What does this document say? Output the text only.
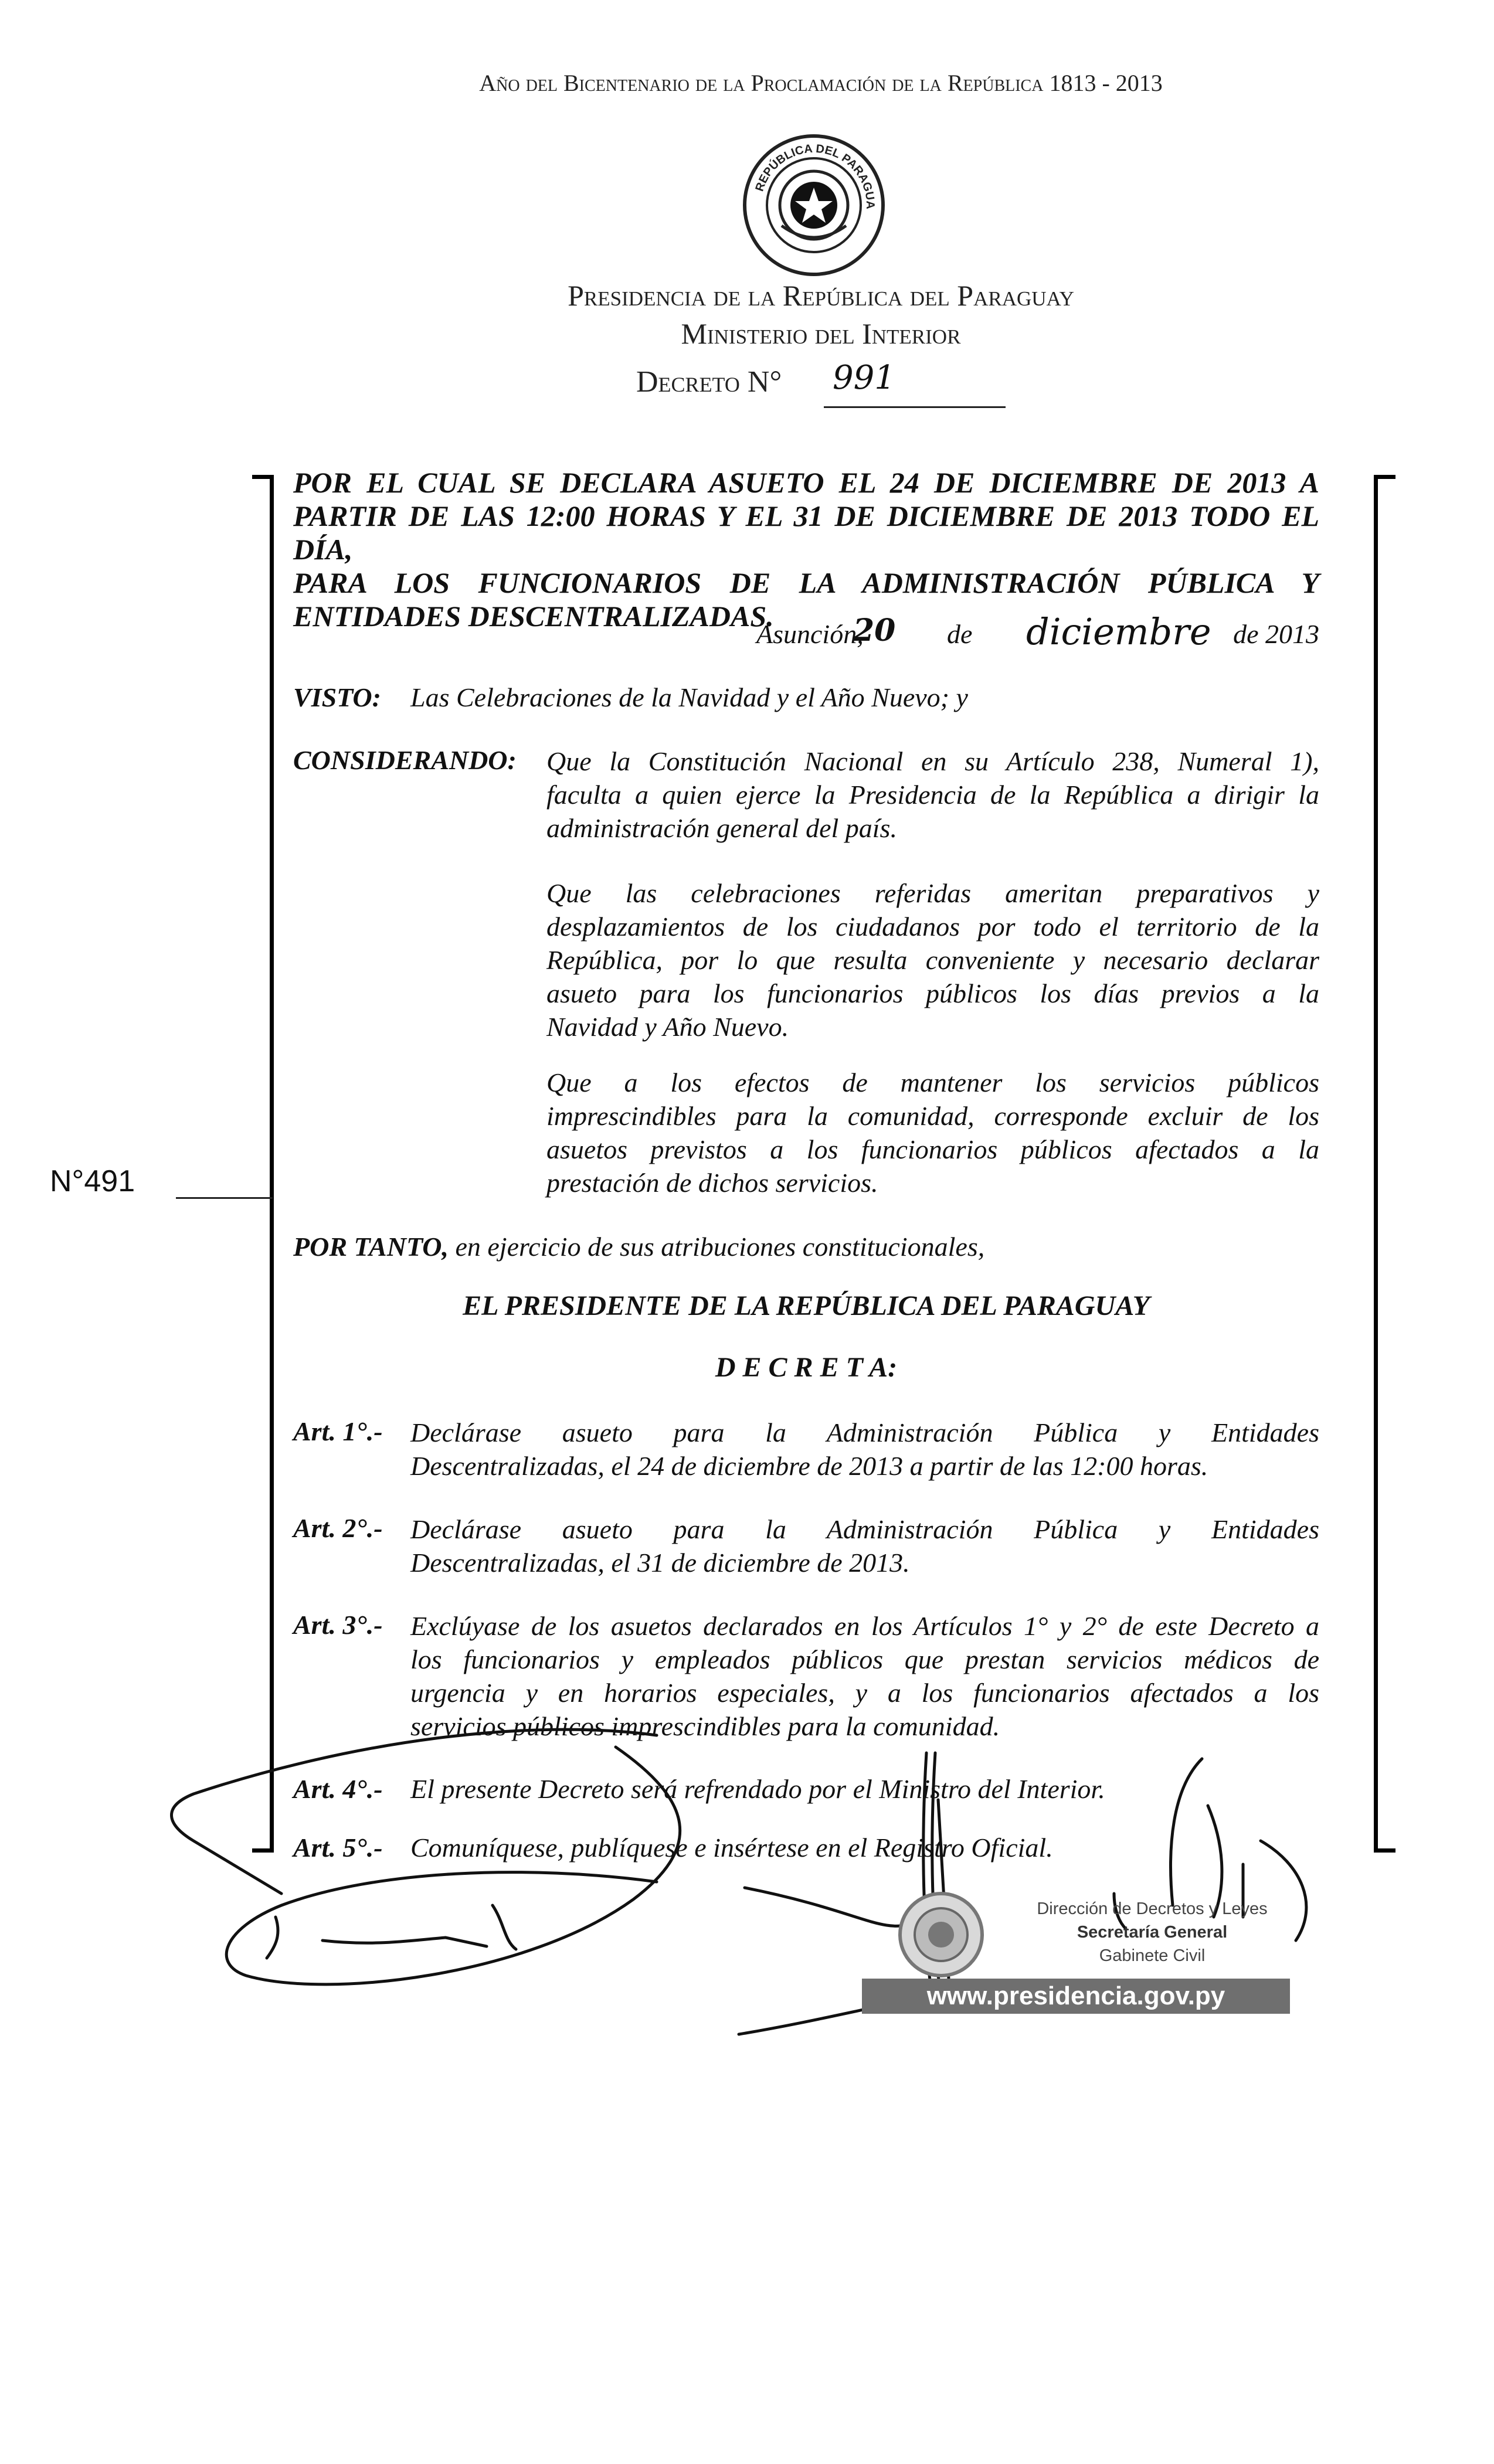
Año del Bicentenario de la Proclamación de la República 1813 - 2013
REPÚBLICA DEL PARAGUA
Presidencia de la República del Paraguay
Ministerio del Interior
Decreto N° 991

POR EL CUAL SE DECLARA ASUETO EL 24 DE DICIEMBRE DE 2013 A

PARTIR DE LAS 12:00 HORAS Y EL 31 DE DICIEMBRE DE 2013 TODO EL DÍA,

PARA LOS FUNCIONARIOS DE LA ADMINISTRACIÓN PÚBLICA Y

ENTIDADES DESCENTRALIZADAS.

Asunción,
20 de diciembre de 2013
VISTO: Las Celebraciones de la Navidad y el Año Nuevo; y
CONSIDERANDO: Que la Constitución Nacional en su Artículo 238, Numeral 1),

faculta a quien ejerce la Presidencia de la República a dirigir la

administración general del país.

Que las celebraciones referidas ameritan preparativos y

desplazamientos de los ciudadanos por todo el territorio de la

República, por lo que resulta conveniente y necesario declarar

asueto para los funcionarios públicos los días previos a la

Navidad y Año Nuevo.

Que a los efectos de mantener los servicios públicos

imprescindibles para la comunidad, corresponde excluir de los

asuetos previstos a los funcionarios públicos afectados a la

prestación de dichos servicios.

N°491
POR TANTO, en ejercicio de sus atribuciones constitucionales,
EL PRESIDENTE DE LA REPÚBLICA DEL PARAGUAY
D E C R E T A:
Art. 1°.- Declárase asueto para la Administración Pública y Entidades

Descentralizadas, el 24 de diciembre de 2013 a partir de las 12:00 horas.

Art. 2°.- Declárase asueto para la Administración Pública y Entidades

Descentralizadas, el 31 de diciembre de 2013.

Art. 3°.- Exclúyase de los asuetos declarados en los Artículos 1° y 2° de este Decreto a

los funcionarios y empleados públicos que prestan servicios médicos de

urgencia y en horarios especiales, y a los funcionarios afectados a los

servicios públicos imprescindibles para la comunidad.

Art. 4°.- El presente Decreto será refrendado por el Ministro del Interior.

Art. 5°.- Comuníquese, publíquese e insértese en el Registro Oficial.

Dirección de Decretos y Leyes
Secretaría General
Gabinete Civil
www.presidencia.gov.py
